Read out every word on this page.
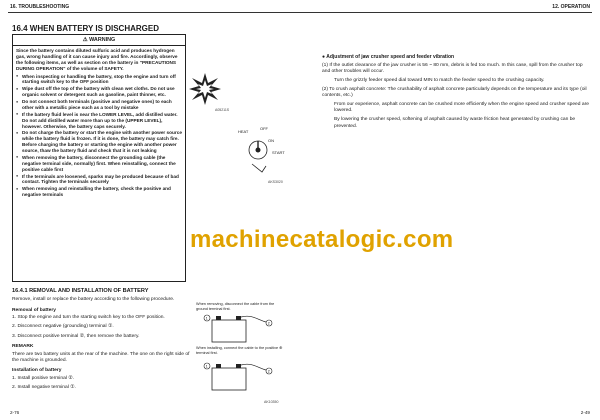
16. TROUBLESHOOTING	12. OPERATION
16.4 WHEN BATTERY IS DISCHARGED
⚠ WARNING

Since the battery contains diluted sulfuric acid and produces hydrogen gas, wrong handling of it can cause injury and fire. Accordingly, observe the following items, as well as section on the battery in "PRECAUTIONS DURING OPERATION" of the volume of SAFETY.

● When inspecting or handling the battery, stop the engine and turn off starting switch key to the OFF position
● Wipe dust off the top of the battery with clean wet cloths. Do not use organic solvent or detergent such as gasoline, paint thinner, etc.
● Do not connect both terminals (positive and negative ones) to each other with a metallic piece such as a tool by mistake
● If the battery fluid level is near the LOWER LEVEL, add distilled water. Do not add distilled water more than up to the (UPPER LEVEL), however. Otherwise, the battery caps securely.
● Do not charge the battery or start the engine with another power source while the battery fluid is frozen. If it is done, the battery may catch fire. Before charging the battery or starting the engine with another power source, thaw the battery fluid and check that it is not leaking
● When removing the battery, disconnect the grounding cable (the negative terminal side, normally) first. When reinstalling, connect the positive cable first
● If the terminals are loosened, sparks may be produced because of bad contact. Tighten the terminals securely
● When removing and reinstalling the battery, check the positive and negative terminals
A05211S
HEAT
OFF
ON
START
AKS3020
machinecatalogic.com
16.4.1 REMOVAL AND INSTALLATION OF BATTERY

Remove, install or replace the battery according to the following procedure.

Removal of battery

1. Stop the engine and turn the starting switch key to the OFF position.

2. Disconnect negative (grounding) terminal ①.

3. Disconnect positive terminal ②, then remove the battery.

REMARK

There are two battery units at the rear of the machine. The one on the right side of the machine is grounded.

Installation of battery

1. Install positive terminal ②.

2. Install negative terminal ①.

When removing, disconnect the cable from the ground terminal first.
2
1
2
1
When installing, connect the cable to the positive ⊕ terminal first.
AK10350
● Adjustment of jaw crusher speed and feeder vibration

(1) If the outlet clearance of the jaw crusher is 56 ~ 80 mm, debris is fed too much. In this case, spill from the crusher top and other troubles will occur.

Turn the grizzly feeder speed dial toward MIN to match the feeder speed to the crushing capacity.

(2) To crush asphalt concrete: The crushability of asphalt concrete particularly depends on the temperature and its type (oil contents, etc.)

From our experience, asphalt concrete can be crushed more efficiently when the engine speed and crusher speed are lowered.

By lowering the crusher speed, softening of asphalt caused by waste friction heat generated by crushing can be prevented.

2-76	2-49
